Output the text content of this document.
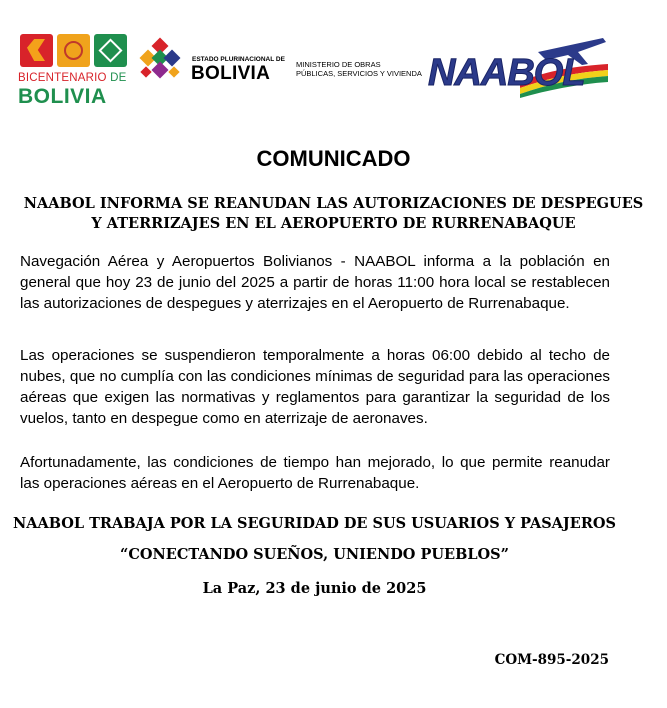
BICENTENARIO DE
BOLIVIA
ESTADO PLURINACIONAL DE
BOLIVIA	MINISTERIO DE OBRAS
PÚBLICAS, SERVICIOS Y VIVIENDA NAABOL
COMUNICADO
NAABOL INFORMA SE REANUDAN LAS AUTORIZACIONES DE DESPEGUES Y ATERRIZAJES EN EL AEROPUERTO DE RURRENABAQUE
Navegación Aérea y Aeropuertos Bolivianos - NAABOL informa a la población en general que hoy 23 de junio del 2025 a partir de horas 11:00 hora local se restablecen las autorizaciones de despegues y aterrizajes en el Aeropuerto de Rurrenabaque.
Las operaciones se suspendieron temporalmente a horas 06:00 debido al techo de nubes, que no cumplía con las condiciones mínimas de seguridad para las operaciones aéreas que exigen las normativas y reglamentos para garantizar la seguridad de los vuelos, tanto en despegue como en aterrizaje de aeronaves.
Afortunadamente, las condiciones de tiempo han mejorado, lo que permite reanudar las operaciones aéreas en el Aeropuerto de Rurrenabaque.
NAABOL TRABAJA POR LA SEGURIDAD DE SUS USUARIOS Y PASAJEROS
“CONECTANDO SUEÑOS, UNIENDO PUEBLOS”
La Paz, 23 de junio de 2025
COM-895-2025
